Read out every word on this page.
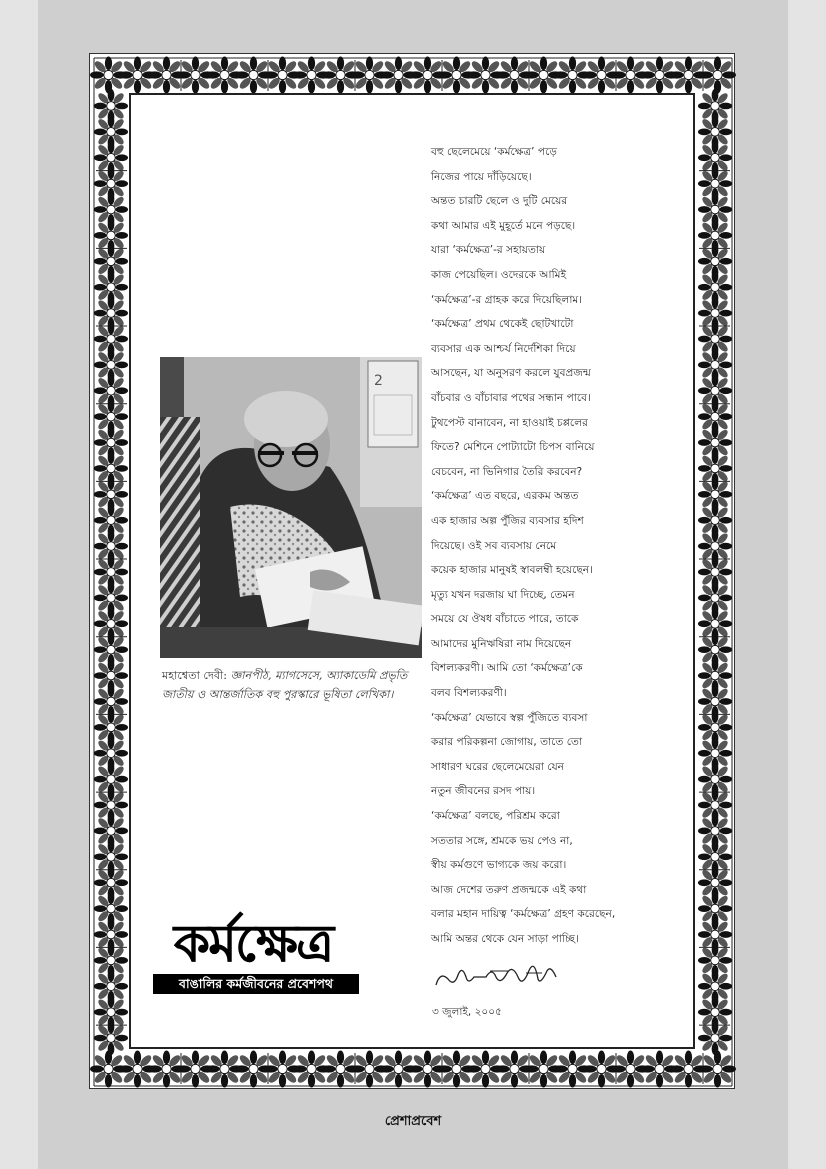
2
মহাশ্বেতা দেবী: জ্ঞানপীঠ, ম্যাগসেসে, অ্যাকাডেমি প্রভৃতি
জাতীয় ও আন্তর্জাতিক বহু পুরস্কারে ভূষিতা লেখিকা।
বহু ছেলেমেয়ে ‘কর্মক্ষেত্র’ পড়ে
নিজের পায়ে দাঁড়িয়েছে।
অন্তত চারটি ছেলে ও দুটি মেয়ের
কথা আমার এই মুহূর্তে মনে পড়ছে।
যারা ‘কর্মক্ষেত্র’-র সহায়তায়
কাজ পেয়েছিল। ওদেরকে আমিই
‘কর্মক্ষেত্র’-র গ্রাহক করে দিয়েছিলাম।
‘কর্মক্ষেত্র’ প্রথম থেকেই ছোটখাটো
ব্যবসার এক আশ্চর্য নির্দেশিকা দিয়ে
আসছেন, যা অনুসরণ করলে যুবপ্রজন্ম
বাঁচবার ও বাঁচাবার পথের সন্ধান পাবে।
টুথপেস্ট বানাবেন, না হাওয়াই চপ্পলের
ফিতে? মেশিনে পোট্যাটো চিপস বানিয়ে
বেচবেন, না ভিনিগার তৈরি করবেন?
‘কর্মক্ষেত্র’ এত বছরে, এরকম অন্তত
এক হাজার অল্প পুঁজির ব্যবসার হদিশ
দিয়েছে। ওই সব ব্যবসায় নেমে
কয়েক হাজার মানুষই স্বাবলম্বী হয়েছেন।
মৃত্যু যখন দরজায় ঘা দিচ্ছে, তেমন
সময়ে যে ঔষধ বাঁচাতে পারে, তাকে
আমাদের মুনিঋষিরা নাম দিয়েছেন
বিশল্যকরণী। আমি তো ‘কর্মক্ষেত্র’কে
বলব বিশল্যকরণী।
‘কর্মক্ষেত্র’ যেভাবে স্বল্প পুঁজিতে ব্যবসা
করার পরিকল্পনা জোগায়, তাতে তো
সাধারণ ঘরের ছেলেমেয়েরা যেন
নতুন জীবনের রসদ পায়।
‘কর্মক্ষেত্র’ বলছে, পরিশ্রম করো
সততার সঙ্গে, শ্রমকে ভয় পেও না,
স্বীয় কর্মগুণে ভাগ্যকে জয় করো।
আজ দেশের তরুণ প্রজন্মকে এই কথা
বলার মহান দায়িত্ব ‘কর্মক্ষেত্র’ গ্রহণ করেছেন,
আমি অন্তর থেকে যেন সাড়া পাচ্ছি।
৩ জুলাই, ২০০৫
কর্মক্ষেত্র
বাঙালির কর্মজীবনের প্রবেশপথ
প্রেশাপ্রবেশ
